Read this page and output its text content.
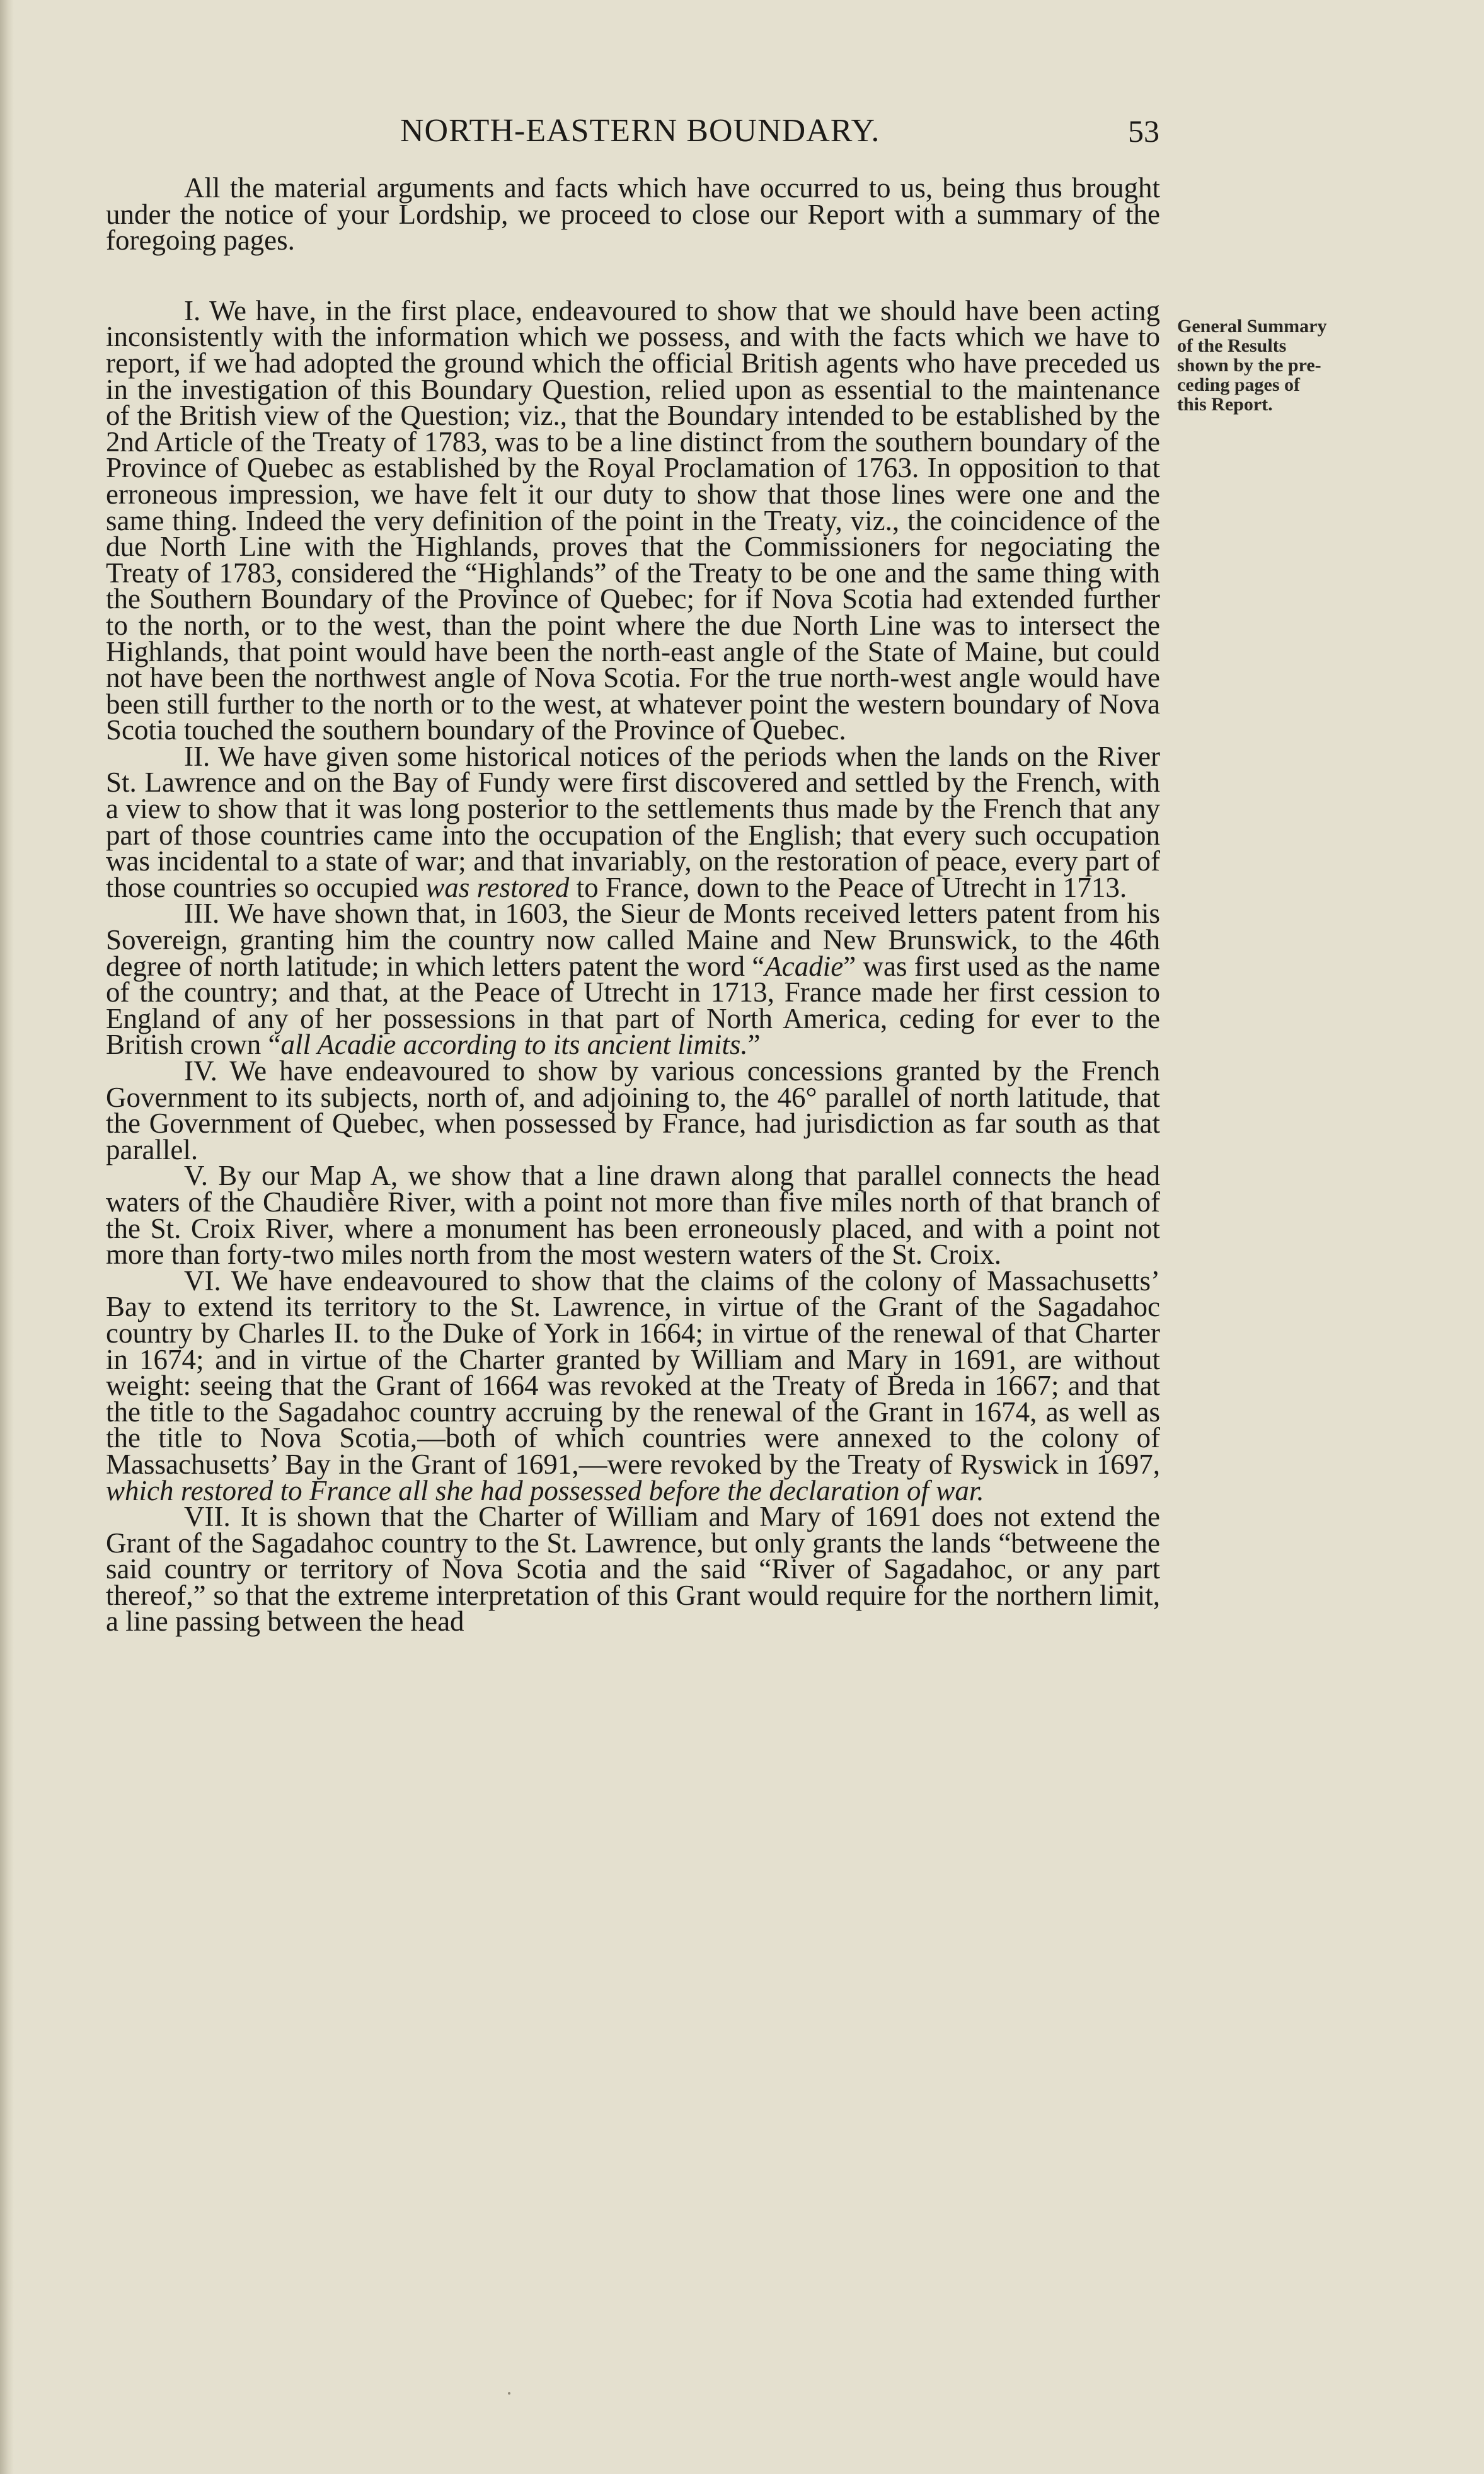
NORTH-EASTERN BOUNDARY.	53
General Summary
of the Results
shown by the pre-
ceding pages of
this Report.

All the material arguments and facts which have occurred to us, being thus brought under the notice of your Lordship, we proceed to close our Report with a summary of the foregoing pages.

I. We have, in the first place, endeavoured to show that we should have been acting inconsistently with the information which we possess, and with the facts which we have to report, if we had adopted the ground which the official British agents who have preceded us in the investigation of this Boundary Question, relied upon as essential to the maintenance of the British view of the Question; viz., that the Boundary intended to be established by the 2nd Article of the Treaty of 1783, was to be a line distinct from the southern boundary of the Province of Quebec as established by the Royal Proclamation of 1763. In opposition to that erroneous impression, we have felt it our duty to show that those lines were one and the same thing. Indeed the very definition of the point in the Treaty, viz., the coincidence of the due North Line with the Highlands, proves that the Commissioners for negociating the Treaty of 1783, considered the “Highlands” of the Treaty to be one and the same thing with the Southern Boundary of the Province of Quebec; for if Nova Scotia had extended further to the north, or to the west, than the point where the due North Line was to intersect the Highlands, that point would have been the north-east angle of the State of Maine, but could not have been the northwest angle of Nova Scotia. For the true north-west angle would have been still further to the north or to the west, at whatever point the western boundary of Nova Scotia touched the southern boundary of the Province of Quebec.

II. We have given some historical notices of the periods when the lands on the River St. Lawrence and on the Bay of Fundy were first discovered and settled by the French, with a view to show that it was long posterior to the settlements thus made by the French that any part of those countries came into the occupation of the English; that every such occupation was incidental to a state of war; and that invariably, on the restoration of peace, every part of those countries so occupied was restored to France, down to the Peace of Utrecht in 1713.

III. We have shown that, in 1603, the Sieur de Monts received letters patent from his Sovereign, granting him the country now called Maine and New Brunswick, to the 46th degree of north latitude; in which letters patent the word “Acadie” was first used as the name of the country; and that, at the Peace of Utrecht in 1713, France made her first cession to England of any of her possessions in that part of North America, ceding for ever to the British crown “all Acadie according to its ancient limits.”

IV. We have endeavoured to show by various concessions granted by the French Government to its subjects, north of, and adjoining to, the 46° parallel of north latitude, that the Government of Quebec, when possessed by France, had jurisdiction as far south as that parallel.

V. By our Map A, we show that a line drawn along that parallel connects the head waters of the Chaudière River, with a point not more than five miles north of that branch of the St. Croix River, where a monument has been erroneously placed, and with a point not more than forty-two miles north from the most western waters of the St. Croix.

VI. We have endeavoured to show that the claims of the colony of Massachusetts’ Bay to extend its territory to the St. Lawrence, in virtue of the Grant of the Sagadahoc country by Charles II. to the Duke of York in 1664; in virtue of the renewal of that Charter in 1674; and in virtue of the Charter granted by William and Mary in 1691, are without weight: seeing that the Grant of 1664 was revoked at the Treaty of Breda in 1667; and that the title to the Sagadahoc country accruing by the renewal of the Grant in 1674, as well as the title to Nova Scotia,—both of which countries were annexed to the colony of Massachusetts’ Bay in the Grant of 1691,—were revoked by the Treaty of Ryswick in 1697, which restored to France all she had possessed before the declaration of war.

VII. It is shown that the Charter of William and Mary of 1691 does not extend the Grant of the Sagadahoc country to the St. Lawrence, but only grants the lands “betweene the said country or territory of Nova Scotia and the said “River of Sagadahoc, or any part thereof,” so that the extreme interpretation of this Grant would require for the northern limit, a line passing between the head
